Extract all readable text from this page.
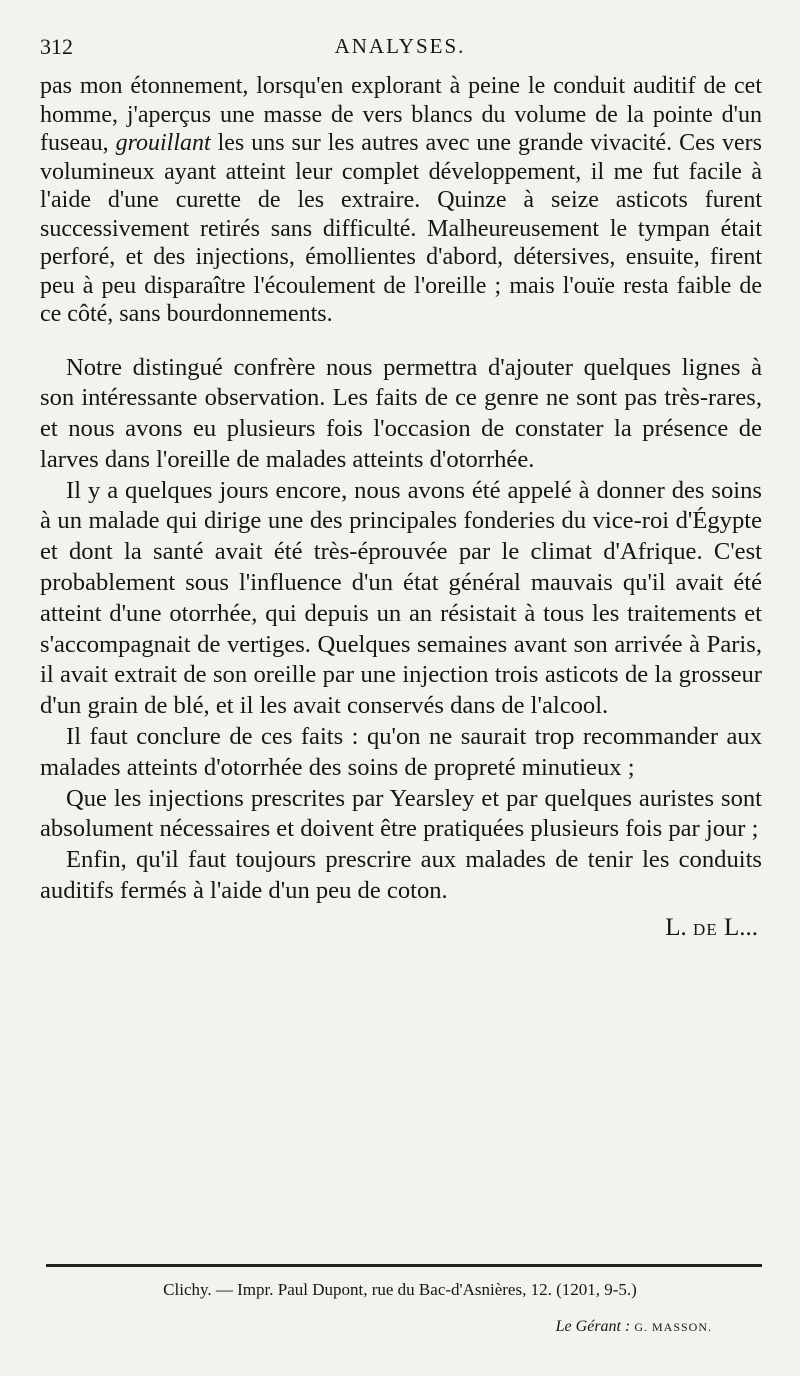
312	ANALYSES.

pas mon étonnement, lorsqu'en explorant à peine le conduit auditif de cet homme, j'aperçus une masse de vers blancs du volume de la pointe d'un fuseau, grouillant les uns sur les autres avec une grande vivacité. Ces vers volumineux ayant atteint leur complet développement, il me fut facile à l'aide d'une curette de les extraire. Quinze à seize asticots furent successivement retirés sans difficulté. Malheureusement le tympan était perforé, et des injections, émollientes d'abord, détersives, ensuite, firent peu à peu disparaître l'écoulement de l'oreille ; mais l'ouïe resta faible de ce côté, sans bourdonnements.

Notre distingué confrère nous permettra d'ajouter quelques lignes à son intéressante observation. Les faits de ce genre ne sont pas très-rares, et nous avons eu plusieurs fois l'occasion de constater la présence de larves dans l'oreille de malades atteints d'otorrhée.

Il y a quelques jours encore, nous avons été appelé à donner des soins à un malade qui dirige une des principales fonderies du vice-roi d'Égypte et dont la santé avait été très-éprouvée par le climat d'Afrique. C'est probablement sous l'influence d'un état général mauvais qu'il avait été atteint d'une otorrhée, qui depuis un an résistait à tous les traitements et s'accompagnait de vertiges. Quelques semaines avant son arrivée à Paris, il avait extrait de son oreille par une injection trois asticots de la grosseur d'un grain de blé, et il les avait conservés dans de l'alcool.

Il faut conclure de ces faits : qu'on ne saurait trop recommander aux malades atteints d'otorrhée des soins de propreté minutieux ;

Que les injections prescrites par Yearsley et par quelques auristes sont absolument nécessaires et doivent être pratiquées plusieurs fois par jour ;

Enfin, qu'il faut toujours prescrire aux malades de tenir les conduits auditifs fermés à l'aide d'un peu de coton.

L. DE L...

Clichy. — Impr. Paul Dupont, rue du Bac-d'Asnières, 12. (1201, 9-5.)
Le Gérant : G. MASSON.
